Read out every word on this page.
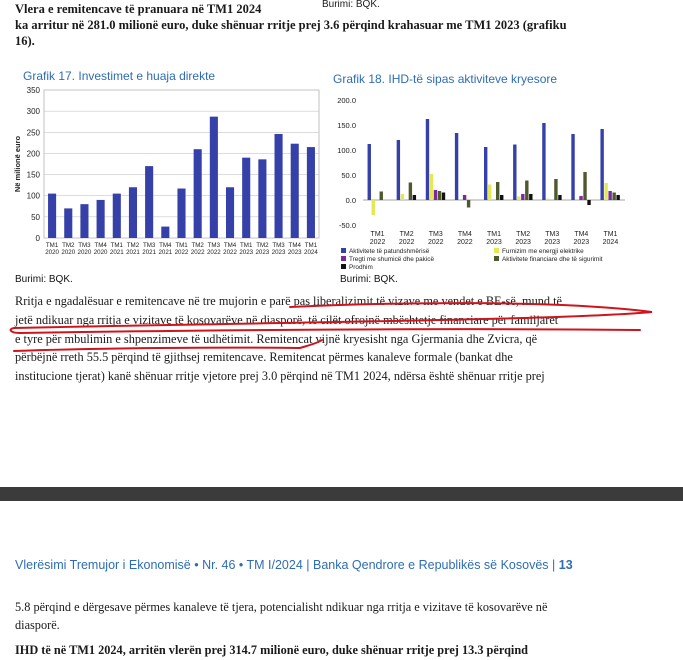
Vlera e remitencave të pranuara në TM1 2024	Burimi: BQK.
ka arritur në 281.0 milionë euro, duke shënuar rritje prej 3.6 përqind krahasuar me TM1 2023 (grafiku
16).
Grafik 17. Investimet e huaja direkte
0
50
100
150
200
250
300
350
TM1
2020
TM2
2020
TM3
2020
TM4
2020
TM1
2021
TM2
2021
TM3
2021
TM4
2021
TM1
2022
TM2
2022
TM3
2022
TM4
2022
TM1
2023
TM2
2023
TM3
2023
TM4
2023
TM1
2024
Në milionë euro
Burimi: BQK.
Grafik 18. IHD-të sipas aktiviteve kryesore
200.0
150.0
100.0
50.0
0.0
-50.0
TM1
2022
TM2
2022
TM3
2022
TM4
2022
TM1
2023
TM2
2023
TM3
2023
TM4
2023
TM1
2024
Aktivitete të patundshmërisë	Furnizim me energji elektrike
Tregti me shumicë dhe pakicë	Aktivitete financiare dhe të sigurimit
Prodhim
Burimi: BQK.
Rritja e ngadalësuar e remitencave në tre mujorin e parë pas liberalizimit të vizave me vendet e BE-së, mund të
jetë ndikuar nga rritja e vizitave të kosovarëve në diasporë, të cilët ofrojnë mbështetje financiare për familjaret
e tyre për mbulimin e shpenzimeve të udhëtimit. Remitencat vijnë kryesisht nga Gjermania dhe Zvicra, që
përbëjnë rreth 55.5 përqind të gjithsej remitencave. Remitencat përmes kanaleve formale (bankat dhe
institucione tjerat) kanë shënuar rritje vjetore prej 3.0 përqind në TM1 2024, ndërsa është shënuar rritje prej
Vlerësimi Tremujor i Ekonomisë • Nr. 46 • TM I/2024 | Banka Qendrore e Republikës së Kosovës | 13
5.8 përqind e dërgesave përmes kanaleve të tjera, potencialisht ndikuar nga rritja e vizitave të kosovarëve në
diasporë.
IHD të në TM1 2024, arritën vlerën prej 314.7 milionë euro, duke shënuar rritje prej 13.3 përqind
